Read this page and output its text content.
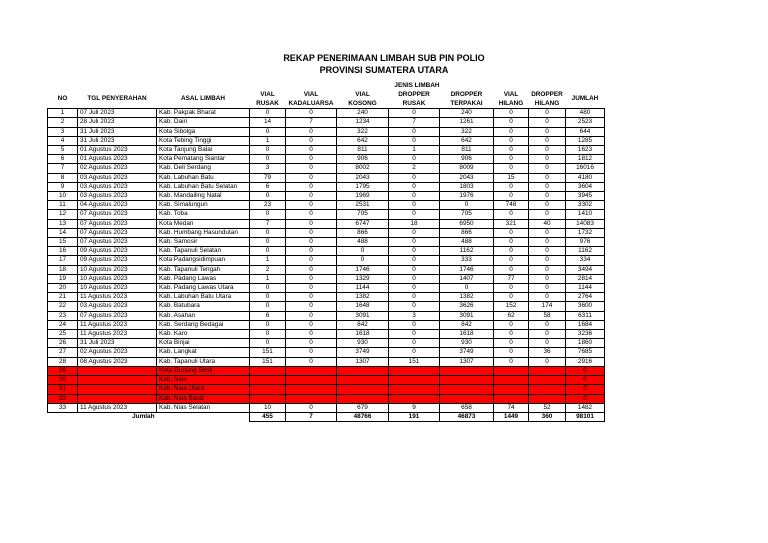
REKAP PENERIMAAN LIMBAH SUB PIN POLIO
PROVINSI SUMATERA UTARA
			JENIS LIMBAH							
NO	TGL PENYERAHAN	ASAL LIMBAH	VIAL	VIAL	VIAL	DROPPER	DROPPER	VIAL	DROPPER	JUMLAH
			RUSAK	KADALUARSA	KOSONG	RUSAK	TERPAKAI	HILANG	HILANG	
1	07 Juli 2023	Kab. Pakpak Bharat	0	0	240	0	240	0	0	480
2	28 Juli 2023	Kab. Dairi	14	7	1234	7	1261	0	0	2523
3	31 Juli 2023	Kota Sibolga	0	0	322	0	322	0	0	644
4	31 Juli 2023	Kota Tebing Tinggi	1	0	642	0	642	0	0	1285
5	01 Agustus 2023	Kota Tanjung Balai	0	0	811	1	811	0	0	1623
6	01 Agustus 2023	Kota Pematang Siantar	0	0	906	0	906	0	0	1812
7	02 Agustus 2023	Kab. Deli Serdang	3	0	8002	2	8009	0	0	16016
8	03 Agustus 2023	Kab. Labuhan Batu	79	0	2043	0	2043	15	0	4180
9	03 Agustus 2023	Kab. Labuhan Batu Selatan	6	0	1795	0	1803	0	0	3604
10	03 Agustus 2023	Kab. Mandailing Natal	0	0	1969	0	1976	0	0	3945
11	04 Agustus 2023	Kab. Simalungun	23	0	2531	0	0	748	0	3302
12	07 Agustus 2023	Kab. Toba	0	0	705	0	705	0	0	1410
13	07 Agustus 2023	Kota Medan	7	0	6747	18	6950	321	40	14083
14	07 Agustus 2023	Kab. Humbang Hasundutan	0	0	866	0	866	0	0	1732
15	07 Agustus 2023	Kab. Samosir	0	0	488	0	488	0	0	976
16	09 Agustus 2023	Kab. Tapanuli Selatan	0	0	0	0	1162	0	0	1162
17	09 Agustus 2023	Kota Padangsidimpuan	1	0	0	0	333	0	0	334
18	10 Agustus 2023	Kab. Tapanuli Tengah	2	0	1746	0	1746	0	0	3494
19	10 Agustus 2023	Kab. Padang Lawas	1	0	1329	0	1407	77	0	2814
20	10 Agustus 2023	Kab. Padang Lawas Utara	0	0	1144	0	0	0	0	1144
21	11 Agustus 2023	Kab. Labuhan Batu Utara	0	0	1382	0	1382	0	0	2764
22	03 Agustus 2023	Kab. Batubara	0	0	1648	0	3626	152	174	3600
23	07 Agustus 2023	Kab. Asahan	6	0	3091	3	3091	62	58	6311
24	11 Agustus 2023	Kab. Serdang Bedagai	0	0	842	0	842	0	0	1684
25	11 Agustus 2023	Kab. Karo	0	0	1618	0	1618	0	0	3236
26	31 Juli 2023	Kota Binjai	0	0	930	0	930	0	0	1860
27	02 Agustus 2023	Kab. Langkat	151	0	3749	0	3749	0	36	7685
28	08 Agustus 2023	Kab. Tapanuli Utara	151	0	1307	151	1307	0	0	2916
29		Kota Gunung Sitoli								0
30		Kab. Nias								0
31		Kab. Nias Utara								0
32		Kab. Nias Barat								0
33	11 Agustus 2023	Kab. Nias Selatan	10	0	679	9	658	74	52	1482
	Jumlah		455	7	48766	191	46873	1449	360	98101
